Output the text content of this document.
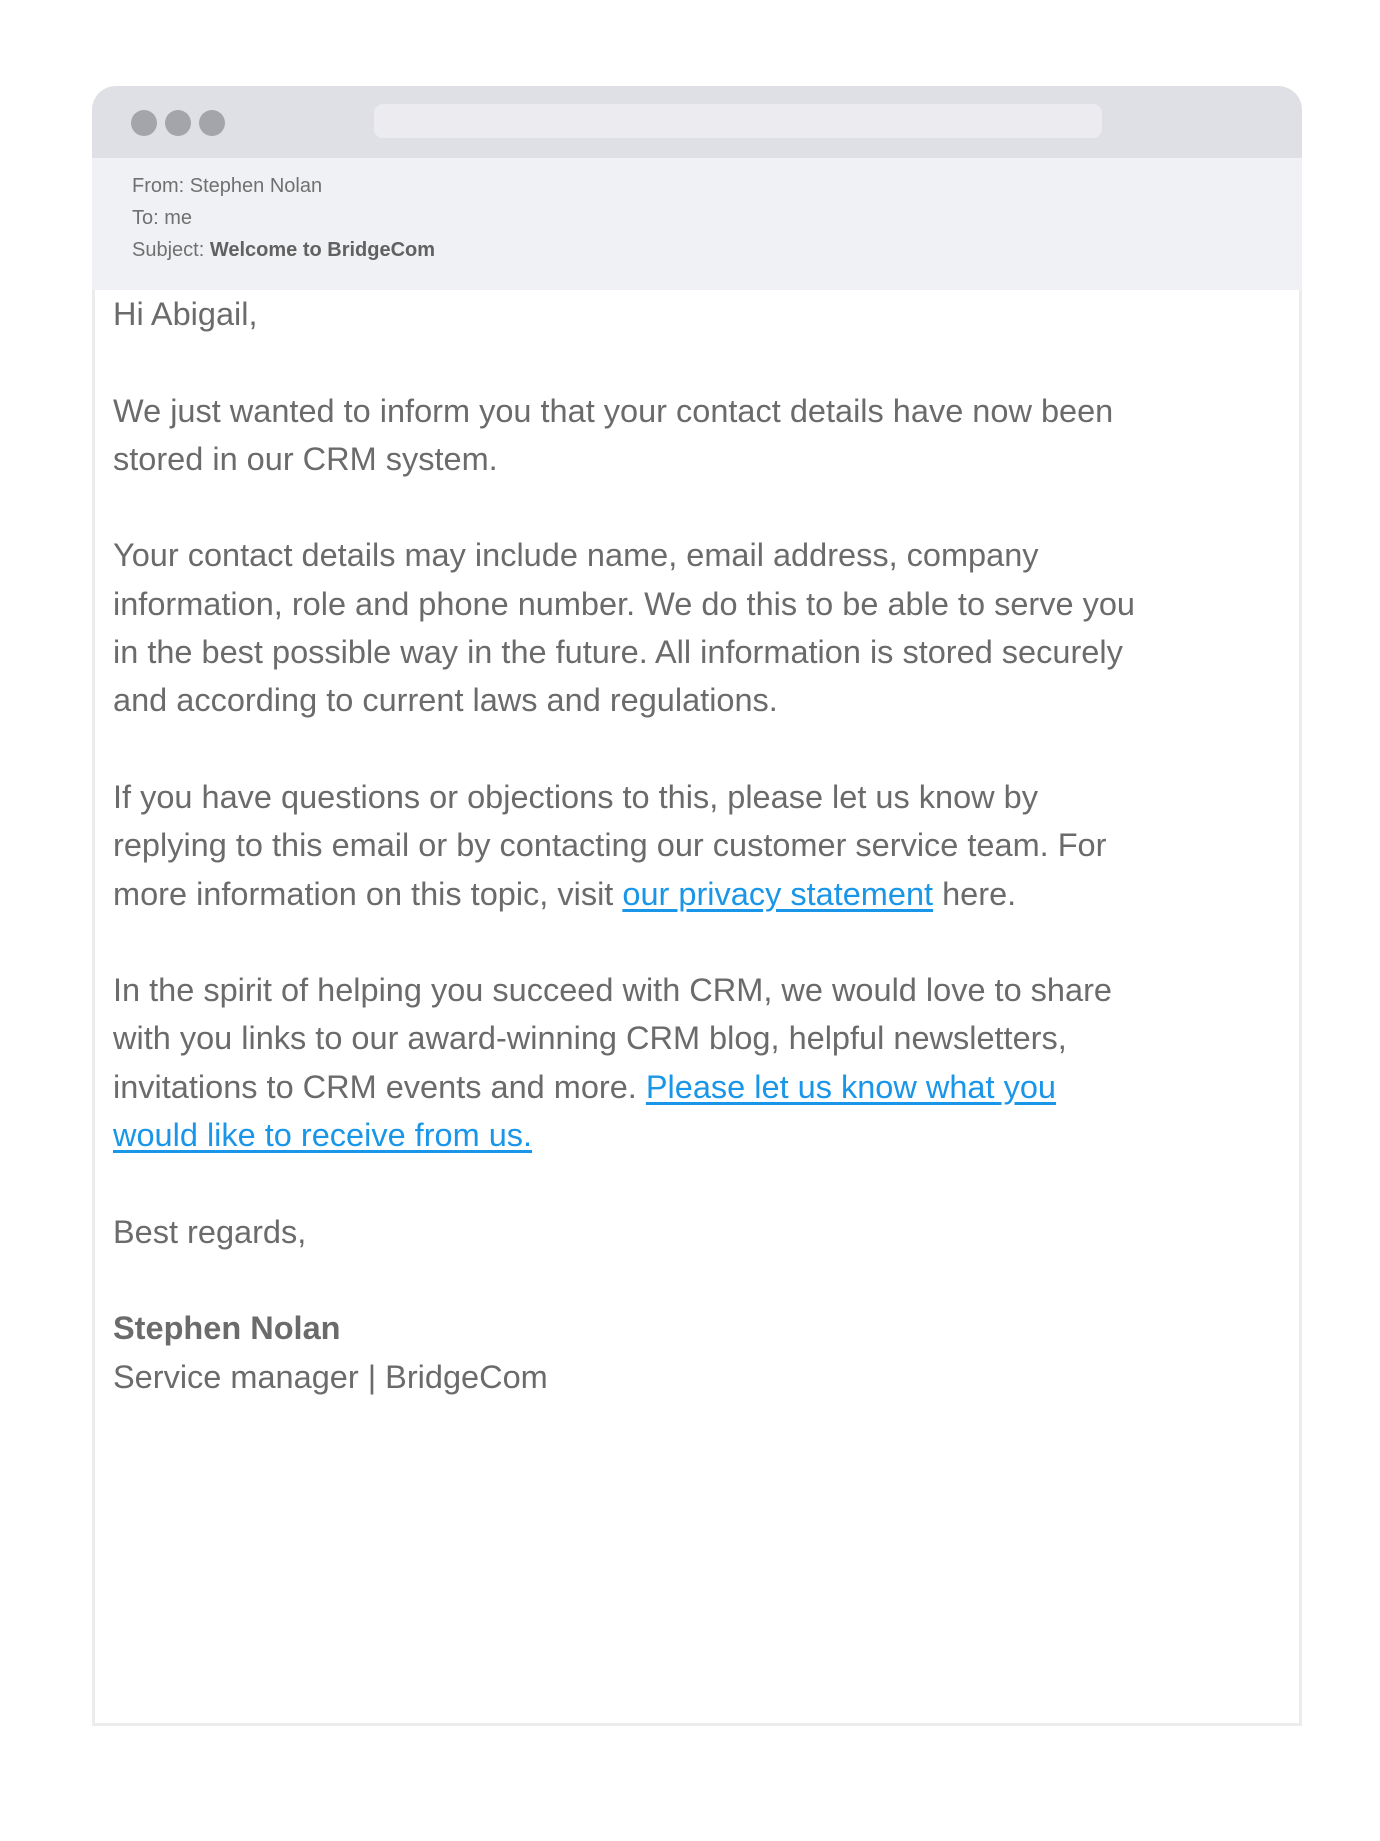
From: Stephen Nolan
To: me
Subject: Welcome to BridgeCom

Hi Abigail,

We just wanted to inform you that your contact details have now been stored in our CRM system.

Your contact details may include name, email address, company information, role and phone number. We do this to be able to serve you in the best possible way in the future. All information is stored securely and according to current laws and regulations.

If you have questions or objections to this, please let us know by replying to this email or by contacting our customer service team. For more information on this topic, visit our privacy statement here.

In the spirit of helping you succeed with CRM, we would love to share with you links to our award-winning CRM blog, helpful newsletters, invitations to CRM events and more. Please let us know what you would like to receive from us.

Best regards,

Stephen Nolan

Service manager | BridgeCom
